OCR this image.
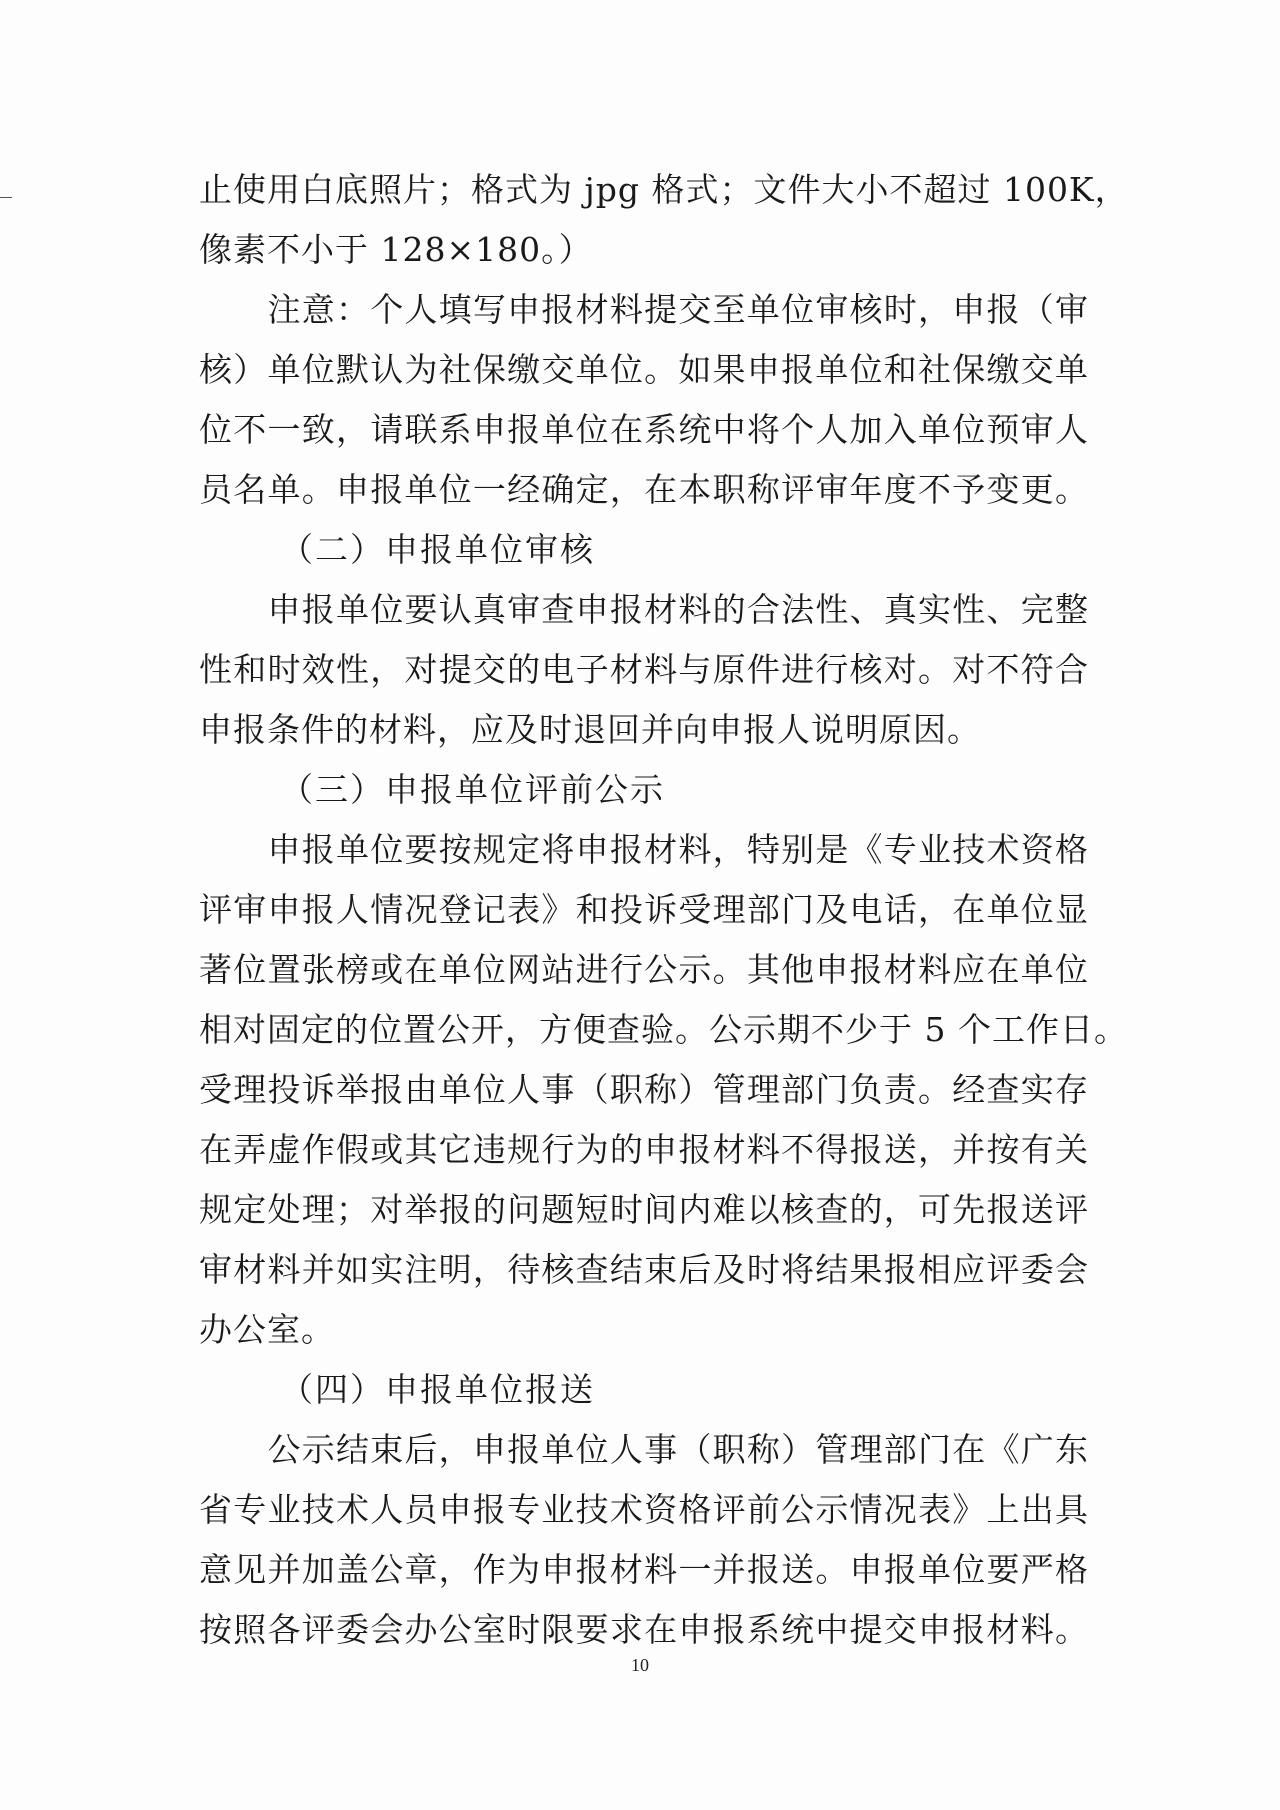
止使用白底照片；格式为 jpg 格式；文件大小不超过 100K，
像素不小于 128×180。）
　　注意：个人填写申报材料提交至单位审核时，申报（审
核）单位默认为社保缴交单位。如果申报单位和社保缴交单
位不一致，请联系申报单位在系统中将个人加入单位预审人
员名单。申报单位一经确定，在本职称评审年度不予变更。
（二）申报单位审核
　　申报单位要认真审查申报材料的合法性、真实性、完整
性和时效性，对提交的电子材料与原件进行核对。对不符合
申报条件的材料，应及时退回并向申报人说明原因。
（三）申报单位评前公示
　　申报单位要按规定将申报材料，特别是《专业技术资格
评审申报人情况登记表》和投诉受理部门及电话，在单位显
著位置张榜或在单位网站进行公示。其他申报材料应在单位
相对固定的位置公开，方便查验。公示期不少于 5 个工作日。
受理投诉举报由单位人事（职称）管理部门负责。经查实存
在弄虚作假或其它违规行为的申报材料不得报送，并按有关
规定处理；对举报的问题短时间内难以核查的，可先报送评
审材料并如实注明，待核查结束后及时将结果报相应评委会
办公室。
（四）申报单位报送
　　公示结束后，申报单位人事（职称）管理部门在《广东
省专业技术人员申报专业技术资格评前公示情况表》上出具
意见并加盖公章，作为申报材料一并报送。申报单位要严格
按照各评委会办公室时限要求在申报系统中提交申报材料。
10
